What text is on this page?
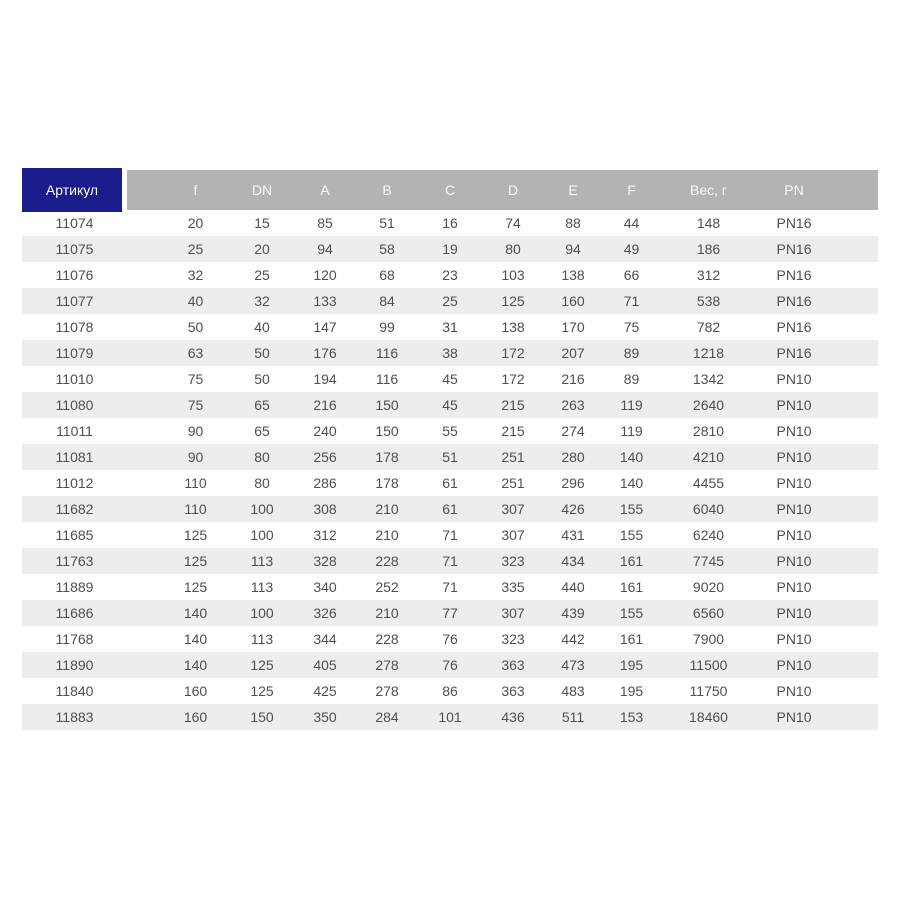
Артикул	f	DN	A	B	C	D	E	F	Вес, г	PN
11074	20	15	85	51	16	74	88	44	148	PN16
11075	25	20	94	58	19	80	94	49	186	PN16
11076	32	25	120	68	23	103	138	66	312	PN16
11077	40	32	133	84	25	125	160	71	538	PN16
11078	50	40	147	99	31	138	170	75	782	PN16
11079	63	50	176	116	38	172	207	89	1218	PN16
11010	75	50	194	116	45	172	216	89	1342	PN10
11080	75	65	216	150	45	215	263	119	2640	PN10
11011	90	65	240	150	55	215	274	119	2810	PN10
11081	90	80	256	178	51	251	280	140	4210	PN10
11012	110	80	286	178	61	251	296	140	4455	PN10
11682	110	100	308	210	61	307	426	155	6040	PN10
11685	125	100	312	210	71	307	431	155	6240	PN10
11763	125	113	328	228	71	323	434	161	7745	PN10
11889	125	113	340	252	71	335	440	161	9020	PN10
11686	140	100	326	210	77	307	439	155	6560	PN10
11768	140	113	344	228	76	323	442	161	7900	PN10
11890	140	125	405	278	76	363	473	195	11500	PN10
11840	160	125	425	278	86	363	483	195	11750	PN10
11883	160	150	350	284	101	436	511	153	18460	PN10
